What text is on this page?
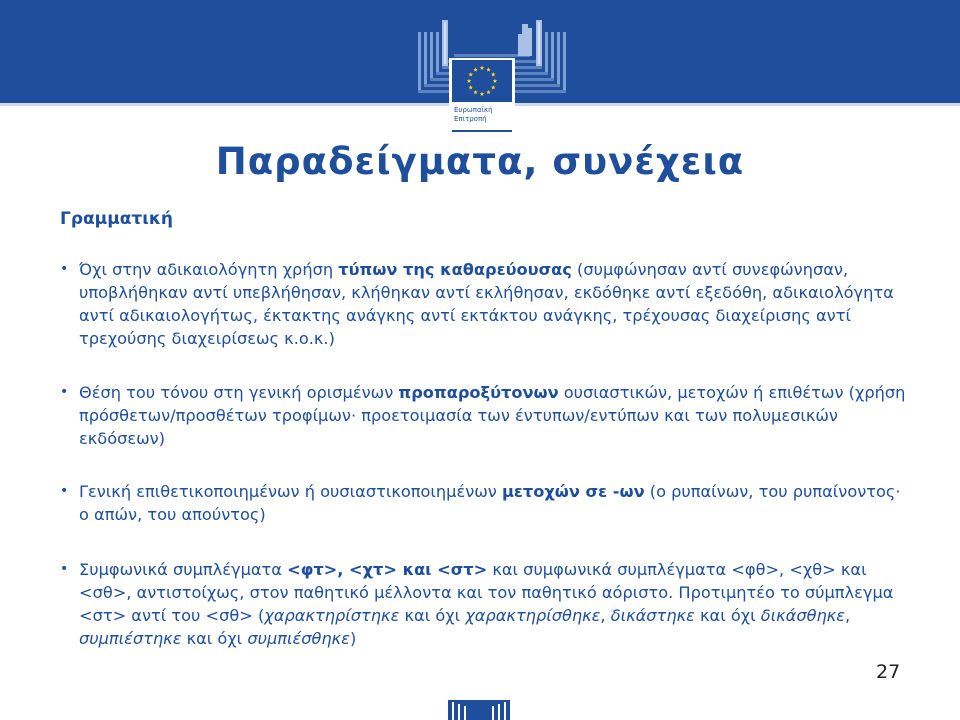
Ευρωπαϊκή
Επιτροπή
Παραδείγματα, συνέχεια
Γραμματική
• Όχι στην αδικαιολόγητη χρήση τύπων της καθαρεύουσας (συμφώνησαν αντί συνεφώνησαν, υποβλήθηκαν αντί υπεβλήθησαν, κλήθηκαν αντί εκλήθησαν, εκδόθηκε αντί εξεδόθη, αδικαιολόγητα αντί αδικαιολογήτως, έκτακτης ανάγκης αντί εκτάκτου ανάγκης, τρέχουσας διαχείρισης αντί τρεχούσης διαχειρίσεως κ.ο.κ.)
• Θέση του τόνου στη γενική ορισμένων προπαροξύτονων ουσιαστικών, μετοχών ή επιθέτων (χρήση πρόσθετων/προσθέτων τροφίμων· προετοιμασία των έντυπων/εντύπων και των πολυμεσικών εκδόσεων)
• Γενική επιθετικοποιημένων ή ουσιαστικοποιημένων μετοχών σε -ων (ο ρυπαίνων, του ρυπαίνοντος· ο απών, του απούντος)
• Συμφωνικά συμπλέγματα <φτ>, <χτ> και <στ> και συμφωνικά συμπλέγματα <φθ>, <χθ> και <σθ>, αντιστοίχως, στον παθητικό μέλλοντα και τον παθητικό αόριστο. Προτιμητέο το σύμπλεγμα <στ> αντί του <σθ> (χαρακτηρίστηκε και όχι χαρακτηρίσθηκε, δικάστηκε και όχι δικάσθηκε, συμπιέστηκε και όχι συμπιέσθηκε)
27
